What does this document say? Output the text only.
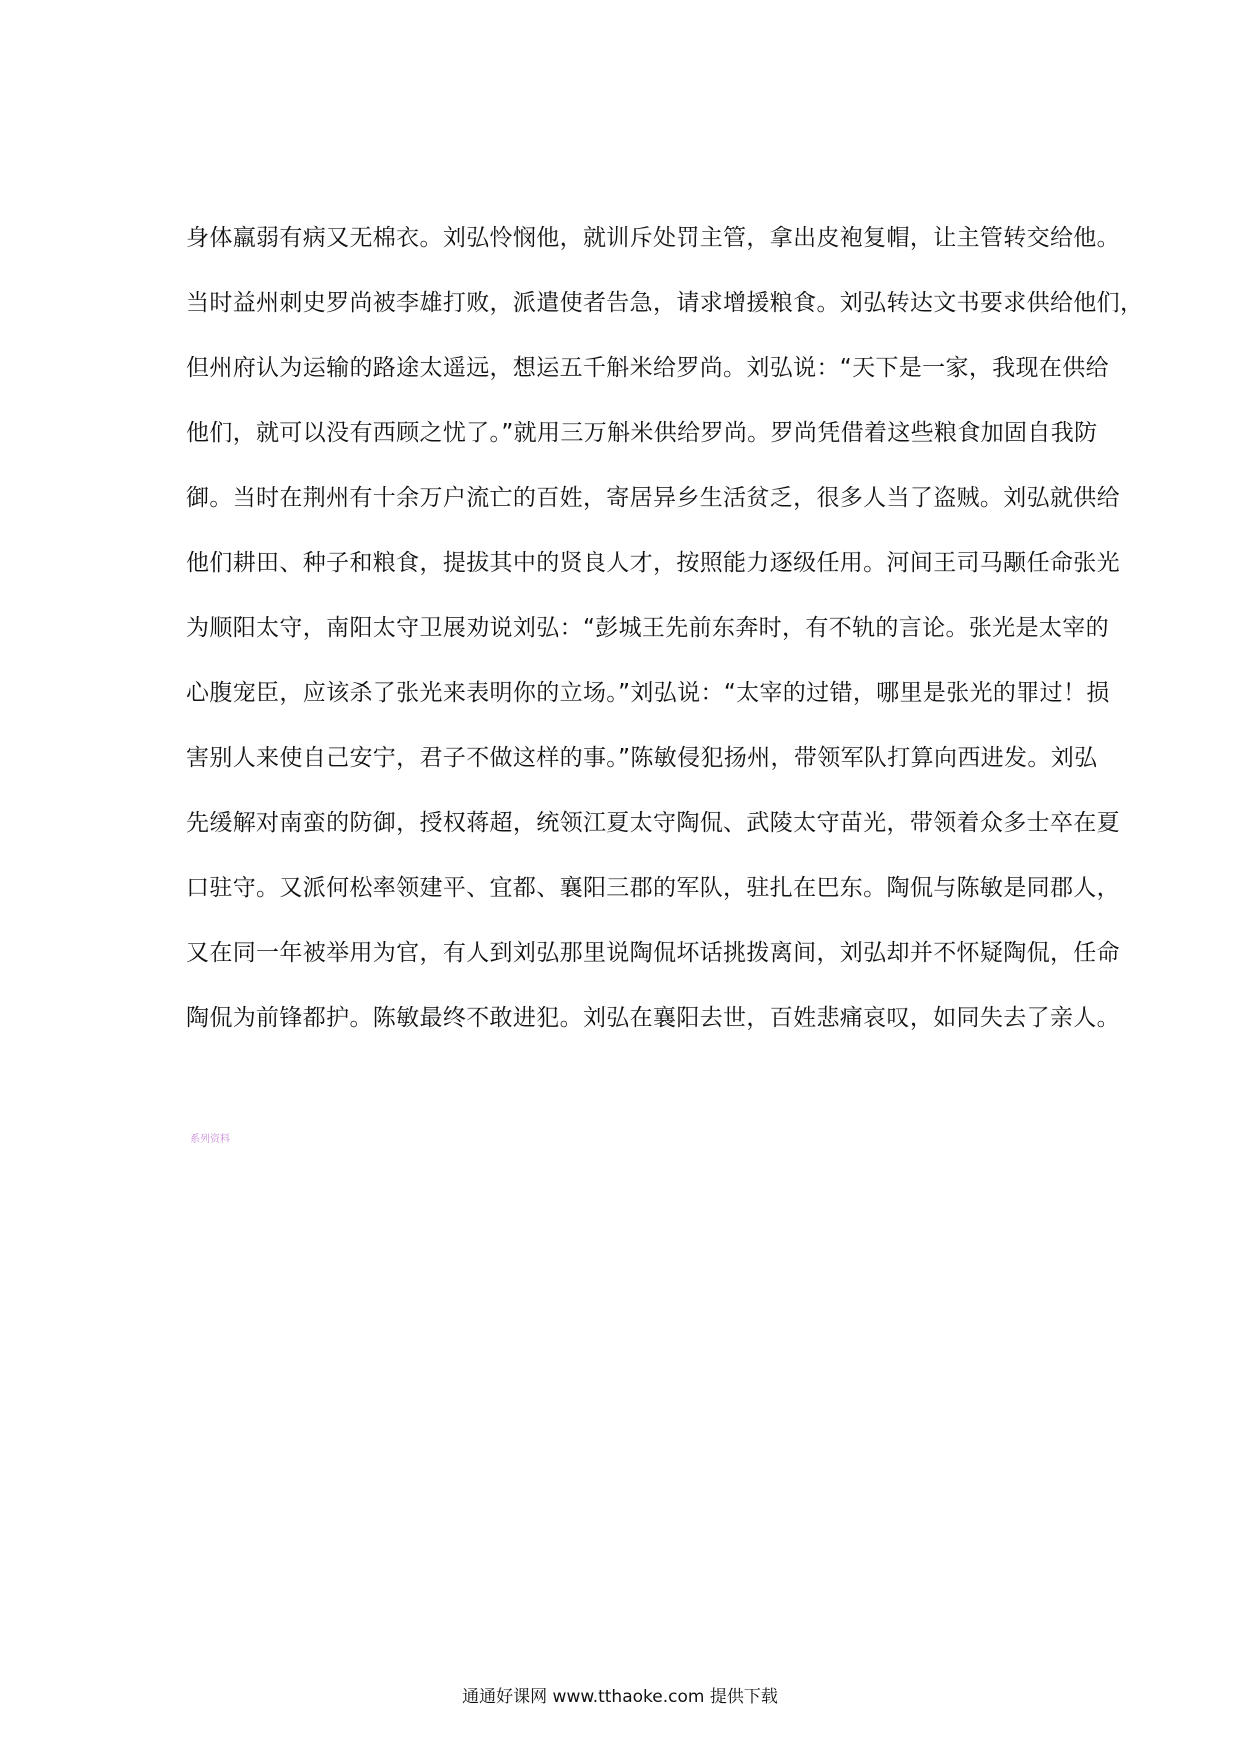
身体羸弱有病又无棉衣。刘弘怜悯他，就训斥处罚主管，拿出皮袍复帽，让主管转交给他。
当时益州刺史罗尚被李雄打败，派遣使者告急，请求增援粮食。刘弘转达文书要求供给他们，
但州府认为运输的路途太遥远，想运五千斛米给罗尚。刘弘说：“天下是一家，我现在供给
他们，就可以没有西顾之忧了。”就用三万斛米供给罗尚。罗尚凭借着这些粮食加固自我防
御。当时在荆州有十余万户流亡的百姓，寄居异乡生活贫乏，很多人当了盗贼。刘弘就供给
他们耕田、种子和粮食，提拔其中的贤良人才，按照能力逐级任用。河间王司马颙任命张光
为顺阳太守，南阳太守卫展劝说刘弘：“彭城王先前东奔时，有不轨的言论。张光是太宰的
心腹宠臣，应该杀了张光来表明你的立场。”刘弘说：“太宰的过错，哪里是张光的罪过！损
害别人来使自己安宁，君子不做这样的事。”陈敏侵犯扬州，带领军队打算向西进发。刘弘
先缓解对南蛮的防御，授权蒋超，统领江夏太守陶侃、武陵太守苗光，带领着众多士卒在夏
口驻守。又派何松率领建平、宜都、襄阳三郡的军队，驻扎在巴东。陶侃与陈敏是同郡人，
又在同一年被举用为官，有人到刘弘那里说陶侃坏话挑拨离间，刘弘却并不怀疑陶侃，任命
陶侃为前锋都护。陈敏最终不敢进犯。刘弘在襄阳去世，百姓悲痛哀叹，如同失去了亲人。
系列资料
通通好课网 www.tthaoke.com 提供下载
